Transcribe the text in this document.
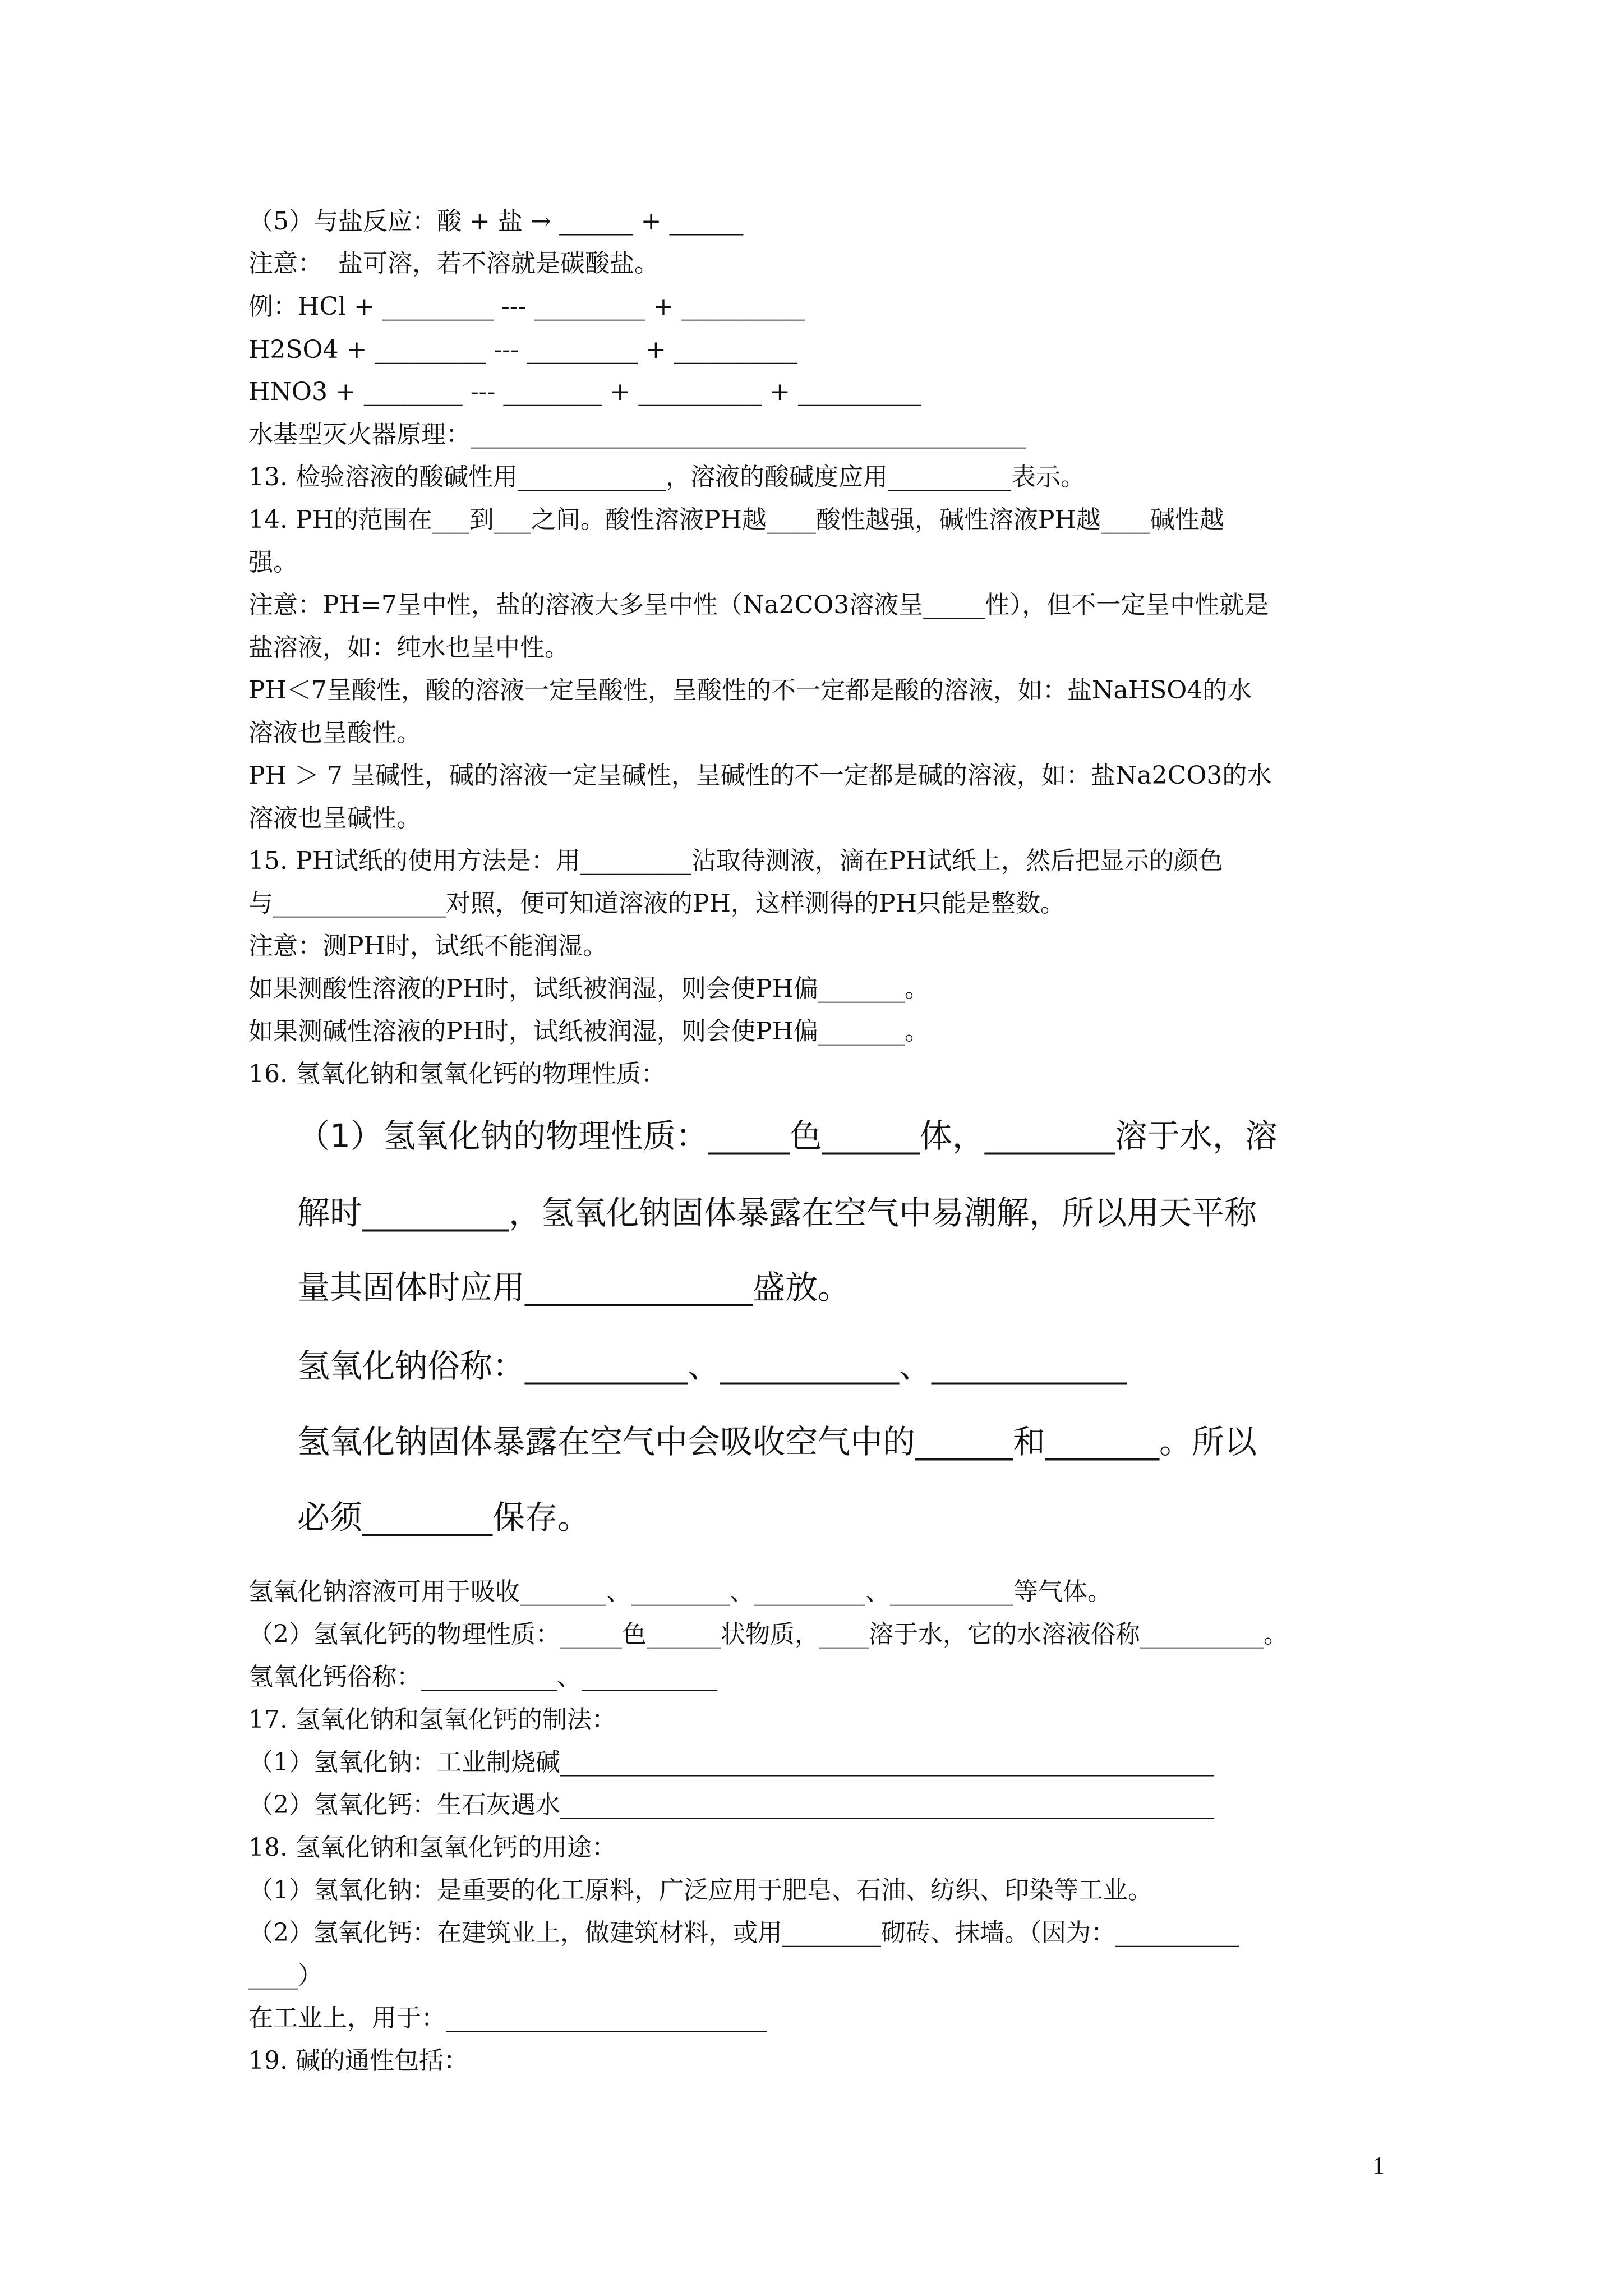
（5）与盐反应：酸 + 盐 → ______ + ______
注意：  盐可溶，若不溶就是碳酸盐。
例：HCl + _________ --- _________ + __________
H2SO4 + _________ --- _________ + __________
HNO3 + ________ --- ________ + __________ + __________
水基型灭火器原理：_____________________________________________
13. 检验溶液的酸碱性用____________，溶液的酸碱度应用__________表示。
14. PH的范围在___到___之间。酸性溶液PH越____酸性越强，碱性溶液PH越____碱性越
强。
注意：PH=7呈中性，盐的溶液大多呈中性（Na2CO3溶液呈_____性），但不一定呈中性就是
盐溶液，如：纯水也呈中性。
PH＜7呈酸性，酸的溶液一定呈酸性，呈酸性的不一定都是酸的溶液，如：盐NaHSO4的水
溶液也呈酸性。
PH ＞ 7 呈碱性，碱的溶液一定呈碱性，呈碱性的不一定都是碱的溶液，如：盐Na2CO3的水
溶液也呈碱性。
15. PH试纸的使用方法是：用_________沾取待测液，滴在PH试纸上，然后把显示的颜色
与______________对照，便可知道溶液的PH，这样测得的PH只能是整数。
注意：测PH时，试纸不能润湿。
如果测酸性溶液的PH时，试纸被润湿，则会使PH偏_______。
如果测碱性溶液的PH时，试纸被润湿，则会使PH偏_______。
16. 氢氧化钠和氢氧化钙的物理性质：
（1）氢氧化钠的物理性质：_____色______体，________溶于水，溶
解时_________，氢氧化钠固体暴露在空气中易潮解，所以用天平称
量其固体时应用______________盛放。
氢氧化钠俗称：__________、___________、____________
氢氧化钠固体暴露在空气中会吸收空气中的______和_______。所以
必须________保存。
氢氧化钠溶液可用于吸收_______、________、_________、__________等气体。
（2）氢氧化钙的物理性质：_____色______状物质，____溶于水，它的水溶液俗称__________。
氢氧化钙俗称：___________、___________
17. 氢氧化钠和氢氧化钙的制法：
（1）氢氧化钠：工业制烧碱_____________________________________________________
（2）氢氧化钙：生石灰遇水_____________________________________________________
18. 氢氧化钠和氢氧化钙的用途：
（1）氢氧化钠：是重要的化工原料，广泛应用于肥皂、石油、纺织、印染等工业。
（2）氢氧化钙：在建筑业上，做建筑材料，或用________砌砖、抹墙。（因为：__________
____）
在工业上，用于：__________________________
19. 碱的通性包括：
1
